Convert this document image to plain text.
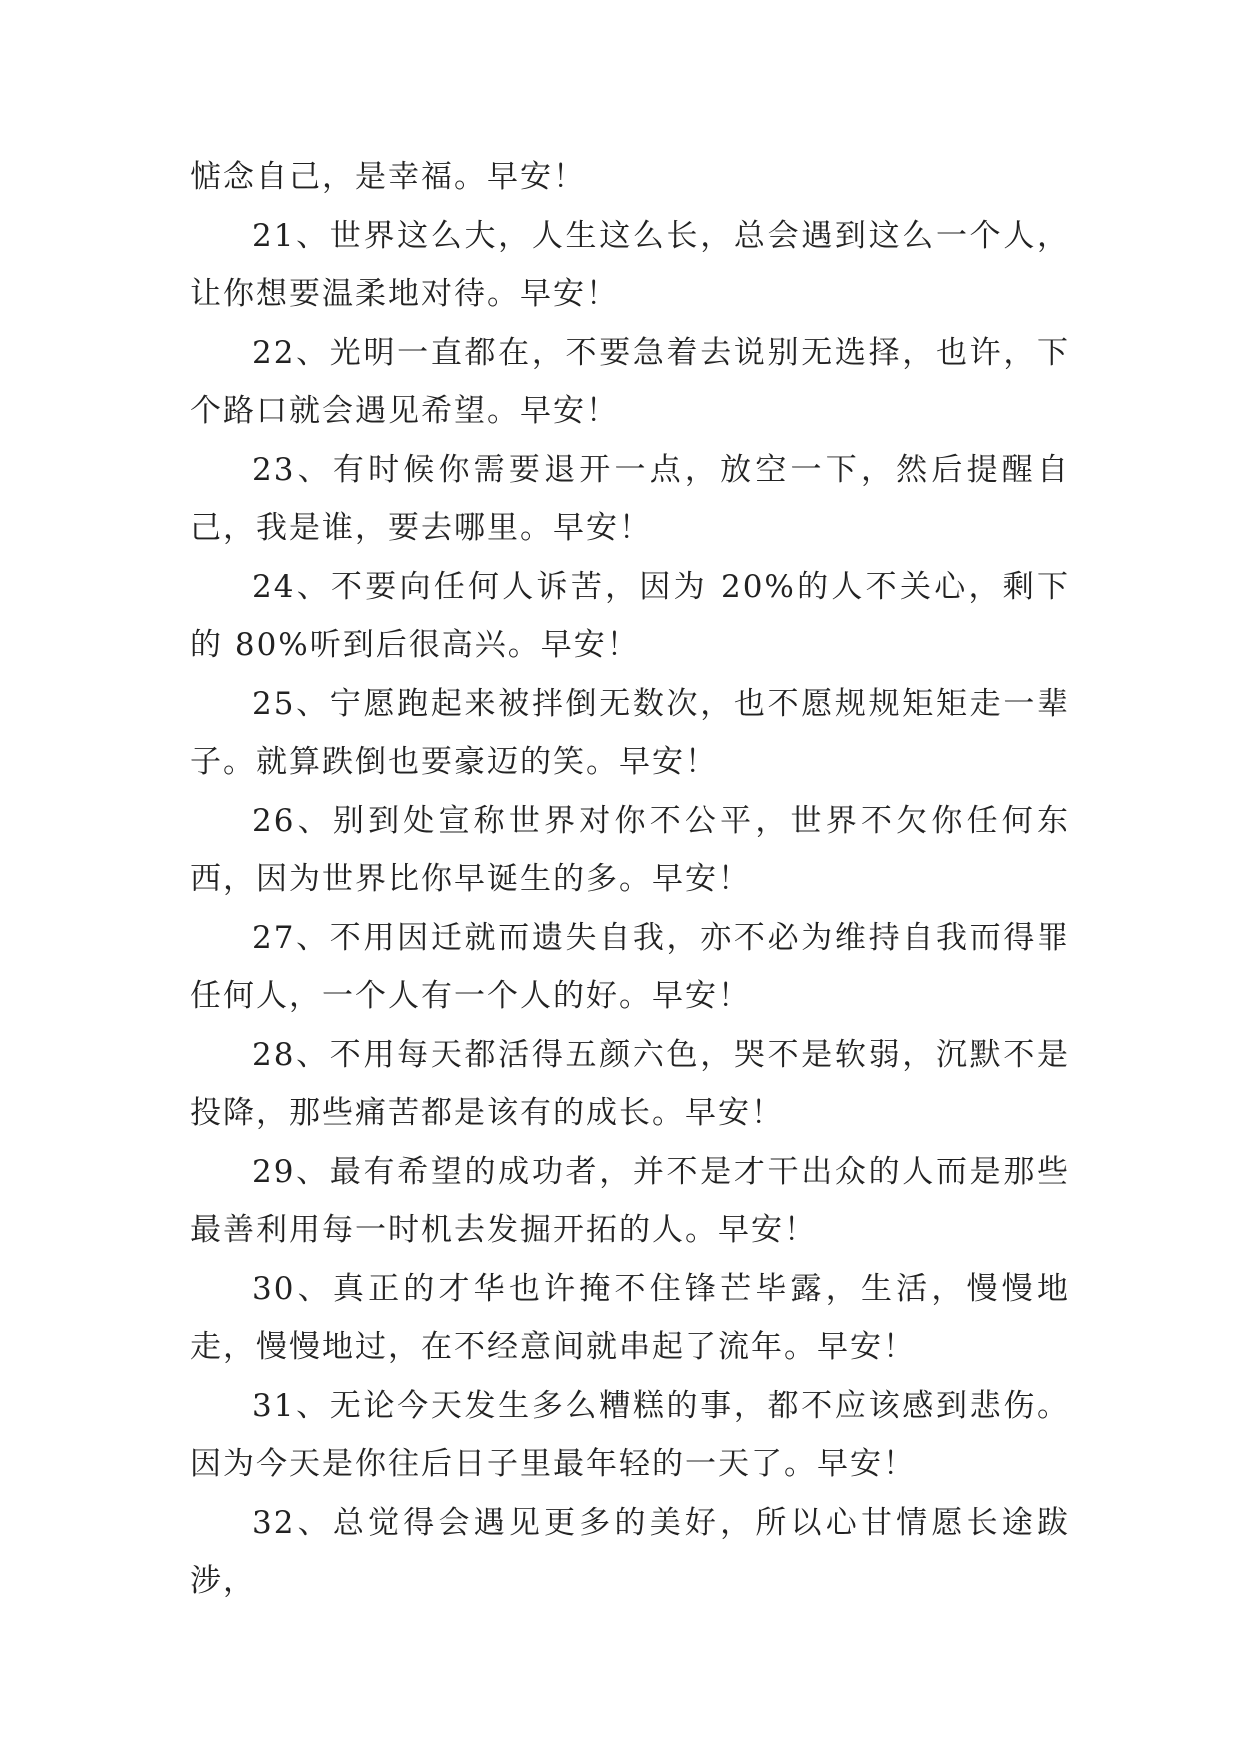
惦念自己，是幸福。早安！

21、世界这么大，人生这么长，总会遇到这么一个人，让你想要温柔地对待。早安！

22、光明一直都在，不要急着去说别无选择，也许，下个路口就会遇见希望。早安！

23、有时候你需要退开一点，放空一下，然后提醒自己，我是谁，要去哪里。早安！

24、不要向任何人诉苦，因为 20%的人不关心，剩下的 80%听到后很高兴。早安！

25、宁愿跑起来被拌倒无数次，也不愿规规矩矩走一辈子。就算跌倒也要豪迈的笑。早安！

26、别到处宣称世界对你不公平，世界不欠你任何东西，因为世界比你早诞生的多。早安！

27、不用因迁就而遗失自我，亦不必为维持自我而得罪任何人，一个人有一个人的好。早安！

28、不用每天都活得五颜六色，哭不是软弱，沉默不是投降，那些痛苦都是该有的成长。早安！

29、最有希望的成功者，并不是才干出众的人而是那些最善利用每一时机去发掘开拓的人。早安！

30、真正的才华也许掩不住锋芒毕露，生活，慢慢地走，慢慢地过，在不经意间就串起了流年。早安！

31、无论今天发生多么糟糕的事，都不应该感到悲伤。因为今天是你往后日子里最年轻的一天了。早安！

32、总觉得会遇见更多的美好，所以心甘情愿长途跋涉，
